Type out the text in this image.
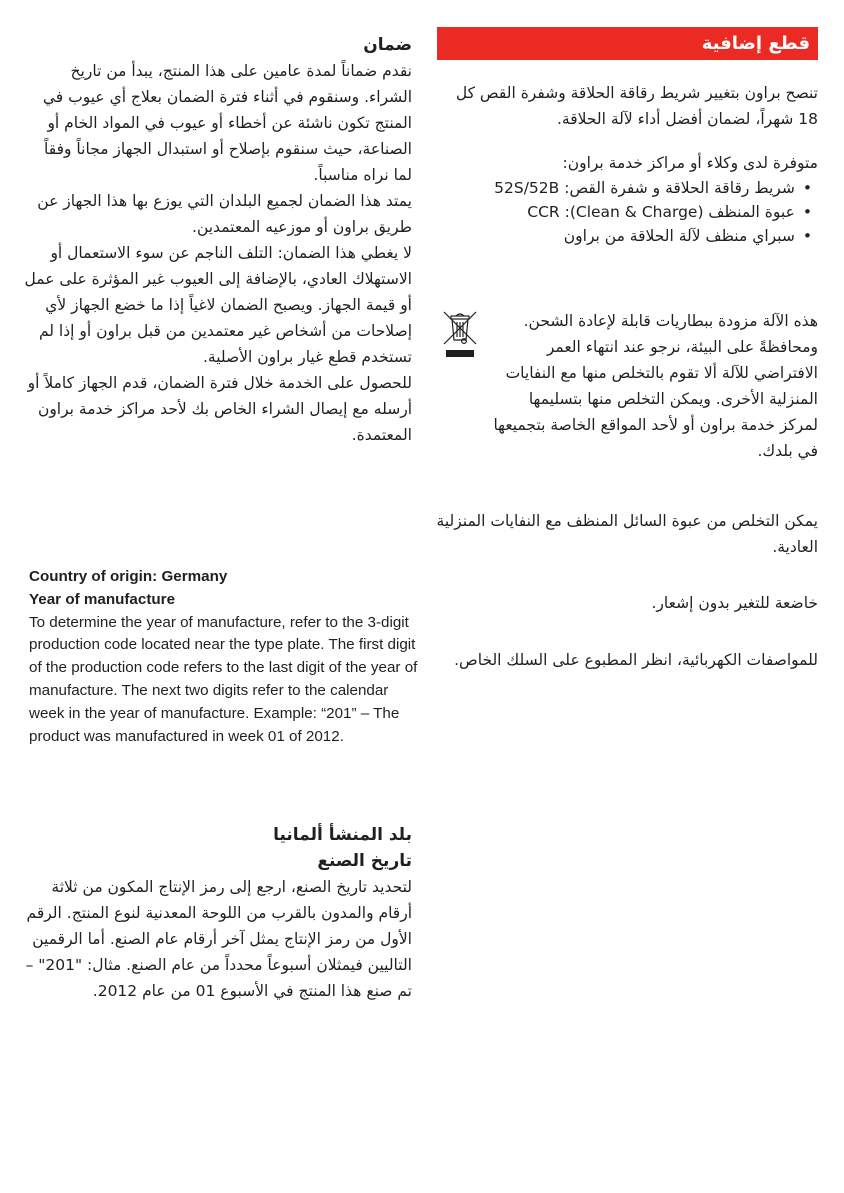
ضمان

نقدم ضماناً لمدة عامين على هذا المنتج، يبدأ من تاريخ الشراء. وسنقوم في أثناء فترة الضمان بعلاج أي عيوب في المنتج تكون ناشئة عن أخطاء أو عيوب في المواد الخام أو الصناعة، حيث سنقوم بإصلاح أو استبدال الجهاز مجاناً وفقاً لما نراه مناسباً.

يمتد هذا الضمان لجميع البلدان التي يوزع بها هذا الجهاز عن طريق براون أو موزعيه المعتمدين.

لا يغطي هذا الضمان: التلف الناجم عن سوء الاستعمال أو الاستهلاك العادي، بالإضافة إلى العيوب غير المؤثرة على عمل أو قيمة الجهاز. ويصبح الضمان لاغياً إذا ما خضع الجهاز لأي إصلاحات من أشخاص غير معتمدين من قبل براون أو إذا لم تستخدم قطع غيار براون الأصلية.

للحصول على الخدمة خلال فترة الضمان، قدم الجهاز كاملاً أو أرسله مع إيصال الشراء الخاص بك لأحد مراكز خدمة براون المعتمدة.

Country of origin: Germany

Year of manufacture

To determine the year of manufacture, refer to the 3-digit production code located near the type plate. The first digit of the production code refers to the last digit of the year of manufacture. The next two digits refer to the calendar week in the year of manufacture. Example: “201” – The product was manufactured in week 01 of 2012.

بلد المنشأ ألمانيا
تاريخ الصنع

لتحديد تاريخ الصنع، ارجع إلى رمز الإنتاج المكون من ثلاثة أرقام والمدون بالقرب من اللوحة المعدنية لنوع المنتج. الرقم الأول من رمز الإنتاج يمثل آخر أرقام عام الصنع. أما الرقمين التاليين فيمثلان أسبوعاً محدداً من عام الصنع. مثال: "201" – تم صنع هذا المنتج في الأسبوع 01 من عام 2012.

قطع إضافية

تنصح براون بتغيير شريط رقاقة الحلاقة وشفرة القص كل 18 شهراً، لضمان أفضل أداء لآلة الحلاقة.

متوفرة لدى وكلاء أو مراكز خدمة براون:

•شريط رقاقة الحلاقة و شفرة القص: 52S/52B
•عبوة المنظف (Clean & Charge): CCR
•سبراي منظف لآلة الحلاقة من براون

هذه الآلة مزودة ببطاريات قابلة لإعادة الشحن. ومحافظةً على البيئة، نرجو عند انتهاء العمر الافتراضي للآلة ألا تقوم بالتخلص منها مع النفايات المنزلية الأخرى. ويمكن التخلص منها بتسليمها لمركز خدمة براون أو لأحد المواقع الخاصة بتجميعها في بلدك.

يمكن التخلص من عبوة السائل المنظف مع النفايات المنزلية العادية.

خاضعة للتغير بدون إشعار.

للمواصفات الكهربائية، انظر المطبوع على السلك الخاص.
